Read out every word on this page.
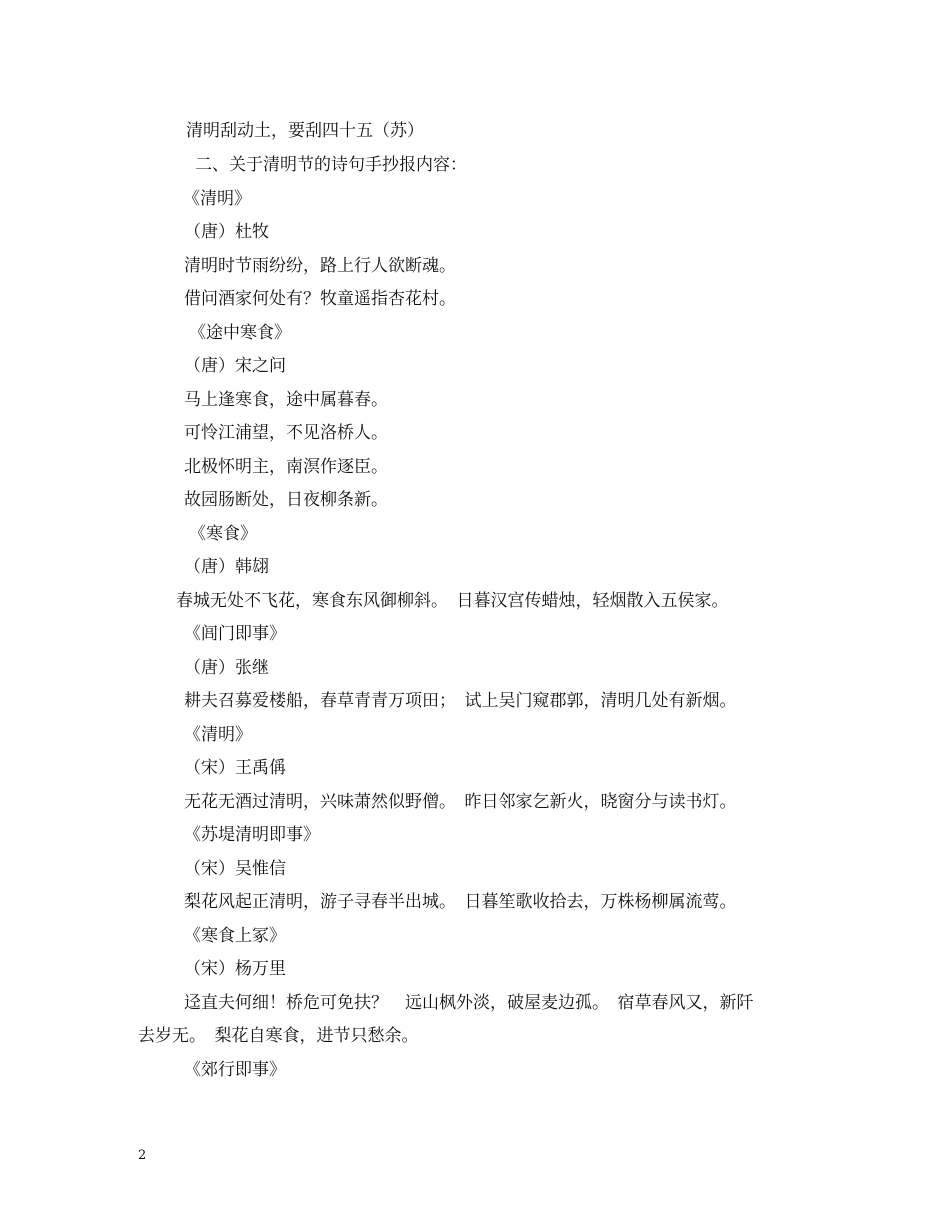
清明刮动土，要刮四十五（苏）
二、关于清明节的诗句手抄报内容：
《清明》
（唐）杜牧
清明时节雨纷纷，路上行人欲断魂。
借问酒家何处有？牧童遥指杏花村。
《途中寒食》
（唐）宋之问
马上逢寒食，途中属暮春。
可怜江浦望，不见洛桥人。
北极怀明主，南溟作逐臣。
故园肠断处，日夜柳条新。
《寒食》
（唐）韩翃
春城无处不飞花，寒食东风御柳斜。　日暮汉宫传蜡烛，轻烟散入五侯家。
《闾门即事》
（唐）张继
耕夫召募爱楼船，春草青青万项田；　试上吴门窥郡郭，清明几处有新烟。
《清明》
（宋）王禹偁
无花无酒过清明，兴味萧然似野僧。　昨日邻家乞新火，晓窗分与读书灯。
《苏堤清明即事》
（宋）吴惟信
梨花风起正清明，游子寻春半出城。　日暮笙歌收拾去，万株杨柳属流莺。
《寒食上冢》
（宋）杨万里
迳直夫何细！桥危可免扶？　远山枫外淡，破屋麦边孤。　宿草春风又，新阡
去岁无。　梨花自寒食，进节只愁余。
《郊行即事》
2
